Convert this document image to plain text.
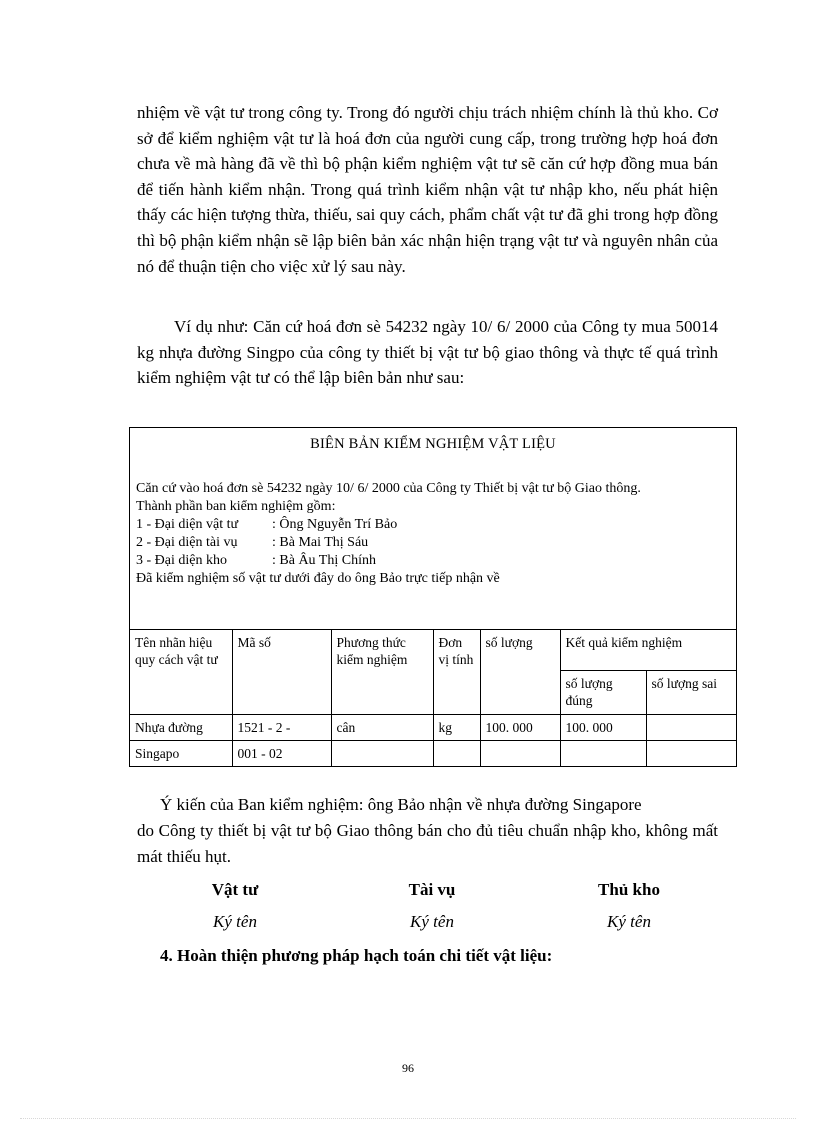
nhiệm về vật tư trong công ty. Trong đó người chịu trách nhiệm chính là thủ kho. Cơ sở để kiểm nghiệm vật tư là hoá đơn của người cung cấp, trong trường hợp hoá đơn chưa về mà hàng đã về thì bộ phận kiểm nghiệm vật tư sẽ căn cứ hợp đồng mua bán để tiến hành kiểm nhận. Trong quá trình kiểm nhận vật tư nhập kho, nếu phát hiện thấy các hiện tượng thừa, thiếu, sai quy cách, phẩm chất vật tư đã ghi trong hợp đồng thì bộ phận kiểm nhận sẽ lập biên bản xác nhận hiện trạng vật tư và nguyên nhân của nó để thuận tiện cho việc xử lý sau này.

Ví dụ như: Căn cứ hoá đơn sè 54232 ngày 10/ 6/ 2000 của Công ty mua 50014 kg nhựa đường Singpo của công ty thiết bị vật tư bộ giao thông và thực tế quá trình kiểm nghiệm vật tư có thể lập biên bản như sau:

BIÊN BẢN KIỂM NGHIỆM VẬT LIỆU
Căn cứ vào hoá đơn sè 54232 ngày 10/ 6/ 2000 của Công ty Thiết bị vật tư bộ Giao thông.
Thành phần ban kiểm nghiệm gồm:
1 - Đại diện vật tư : Ông Nguyễn Trí Bảo
2 - Đại diện tài vụ : Bà Mai Thị Sáu
3 - Đại diện kho	: Bà Âu Thị Chính
Đã kiểm nghiệm số vật tư dưới đây do ông Bảo trực tiếp nhận về
Tên nhãn hiệu quy cách vật tư	Mã số	Phương thức kiểm nghiệm	Đơn vị tính	số lượng	Kết quả kiểm nghiệm	
					số lượng đúng	số lượng sai
Nhựa đường	1521 - 2 -	cân	kg	100. 000	100. 000	
Singapo	001 - 02					

Ý kiến của Ban kiểm nghiệm: ông Bảo nhận về nhựa đường Singapore

do Công ty thiết bị vật tư bộ Giao thông bán cho đủ tiêu chuẩn nhập kho, không mất mát thiếu hụt.

Vật tư	Tài vụ	Thủ kho
Ký tên	Ký tên	Ký tên
4. Hoàn thiện phương pháp hạch toán chi tiết vật liệu:
96
